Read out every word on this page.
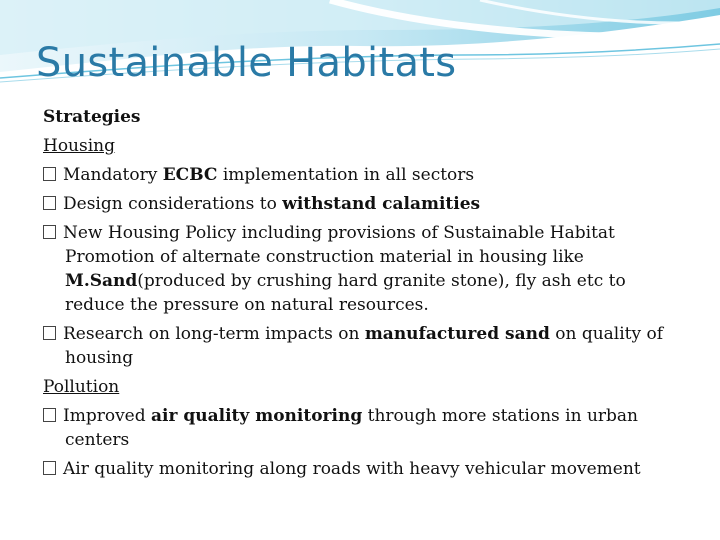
Sustainable Habitats
Strategies
Housing
Mandatory ECBC implementation in all sectors
Design considerations to withstand calamities
New Housing Policy including provisions of Sustainable Habitat
Promotion of alternate construction material in housing like
M.Sand(produced by crushing hard granite stone), fly ash etc to
reduce the pressure on natural resources.
Research on long-term impacts on manufactured sand on quality of
housing
Pollution
Improved air quality monitoring through more stations in urban
centers
Air quality monitoring along roads with heavy vehicular movement
